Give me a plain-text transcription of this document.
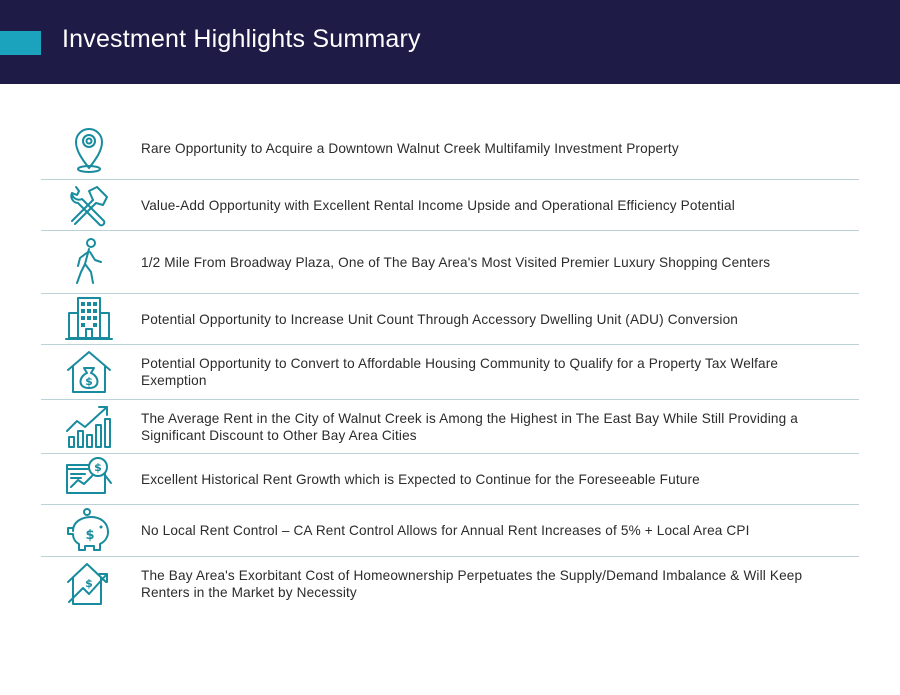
Investment Highlights Summary
Rare Opportunity to Acquire a Downtown Walnut Creek Multifamily Investment Property
Value-Add Opportunity with Excellent Rental Income Upside and Operational Efficiency Potential
1/2 Mile From Broadway Plaza, One of The Bay Area's Most Visited Premier Luxury Shopping Centers
Potential Opportunity to Increase Unit Count Through Accessory Dwelling Unit (ADU) Conversion
$
Potential Opportunity to Convert to Affordable Housing Community to Qualify for a Property Tax Welfare Exemption
The Average Rent in the City of Walnut Creek is Among the Highest in The East Bay While Still Providing a Significant Discount to Other Bay Area Cities
$
Excellent Historical Rent Growth which is Expected to Continue for the Foreseeable Future
$	No Local Rent Control – CA Rent Control Allows for Annual Rent Increases of 5% + Local Area CPI
$
The Bay Area's Exorbitant Cost of Homeownership Perpetuates the Supply/Demand Imbalance & Will Keep Renters in the Market by Necessity
